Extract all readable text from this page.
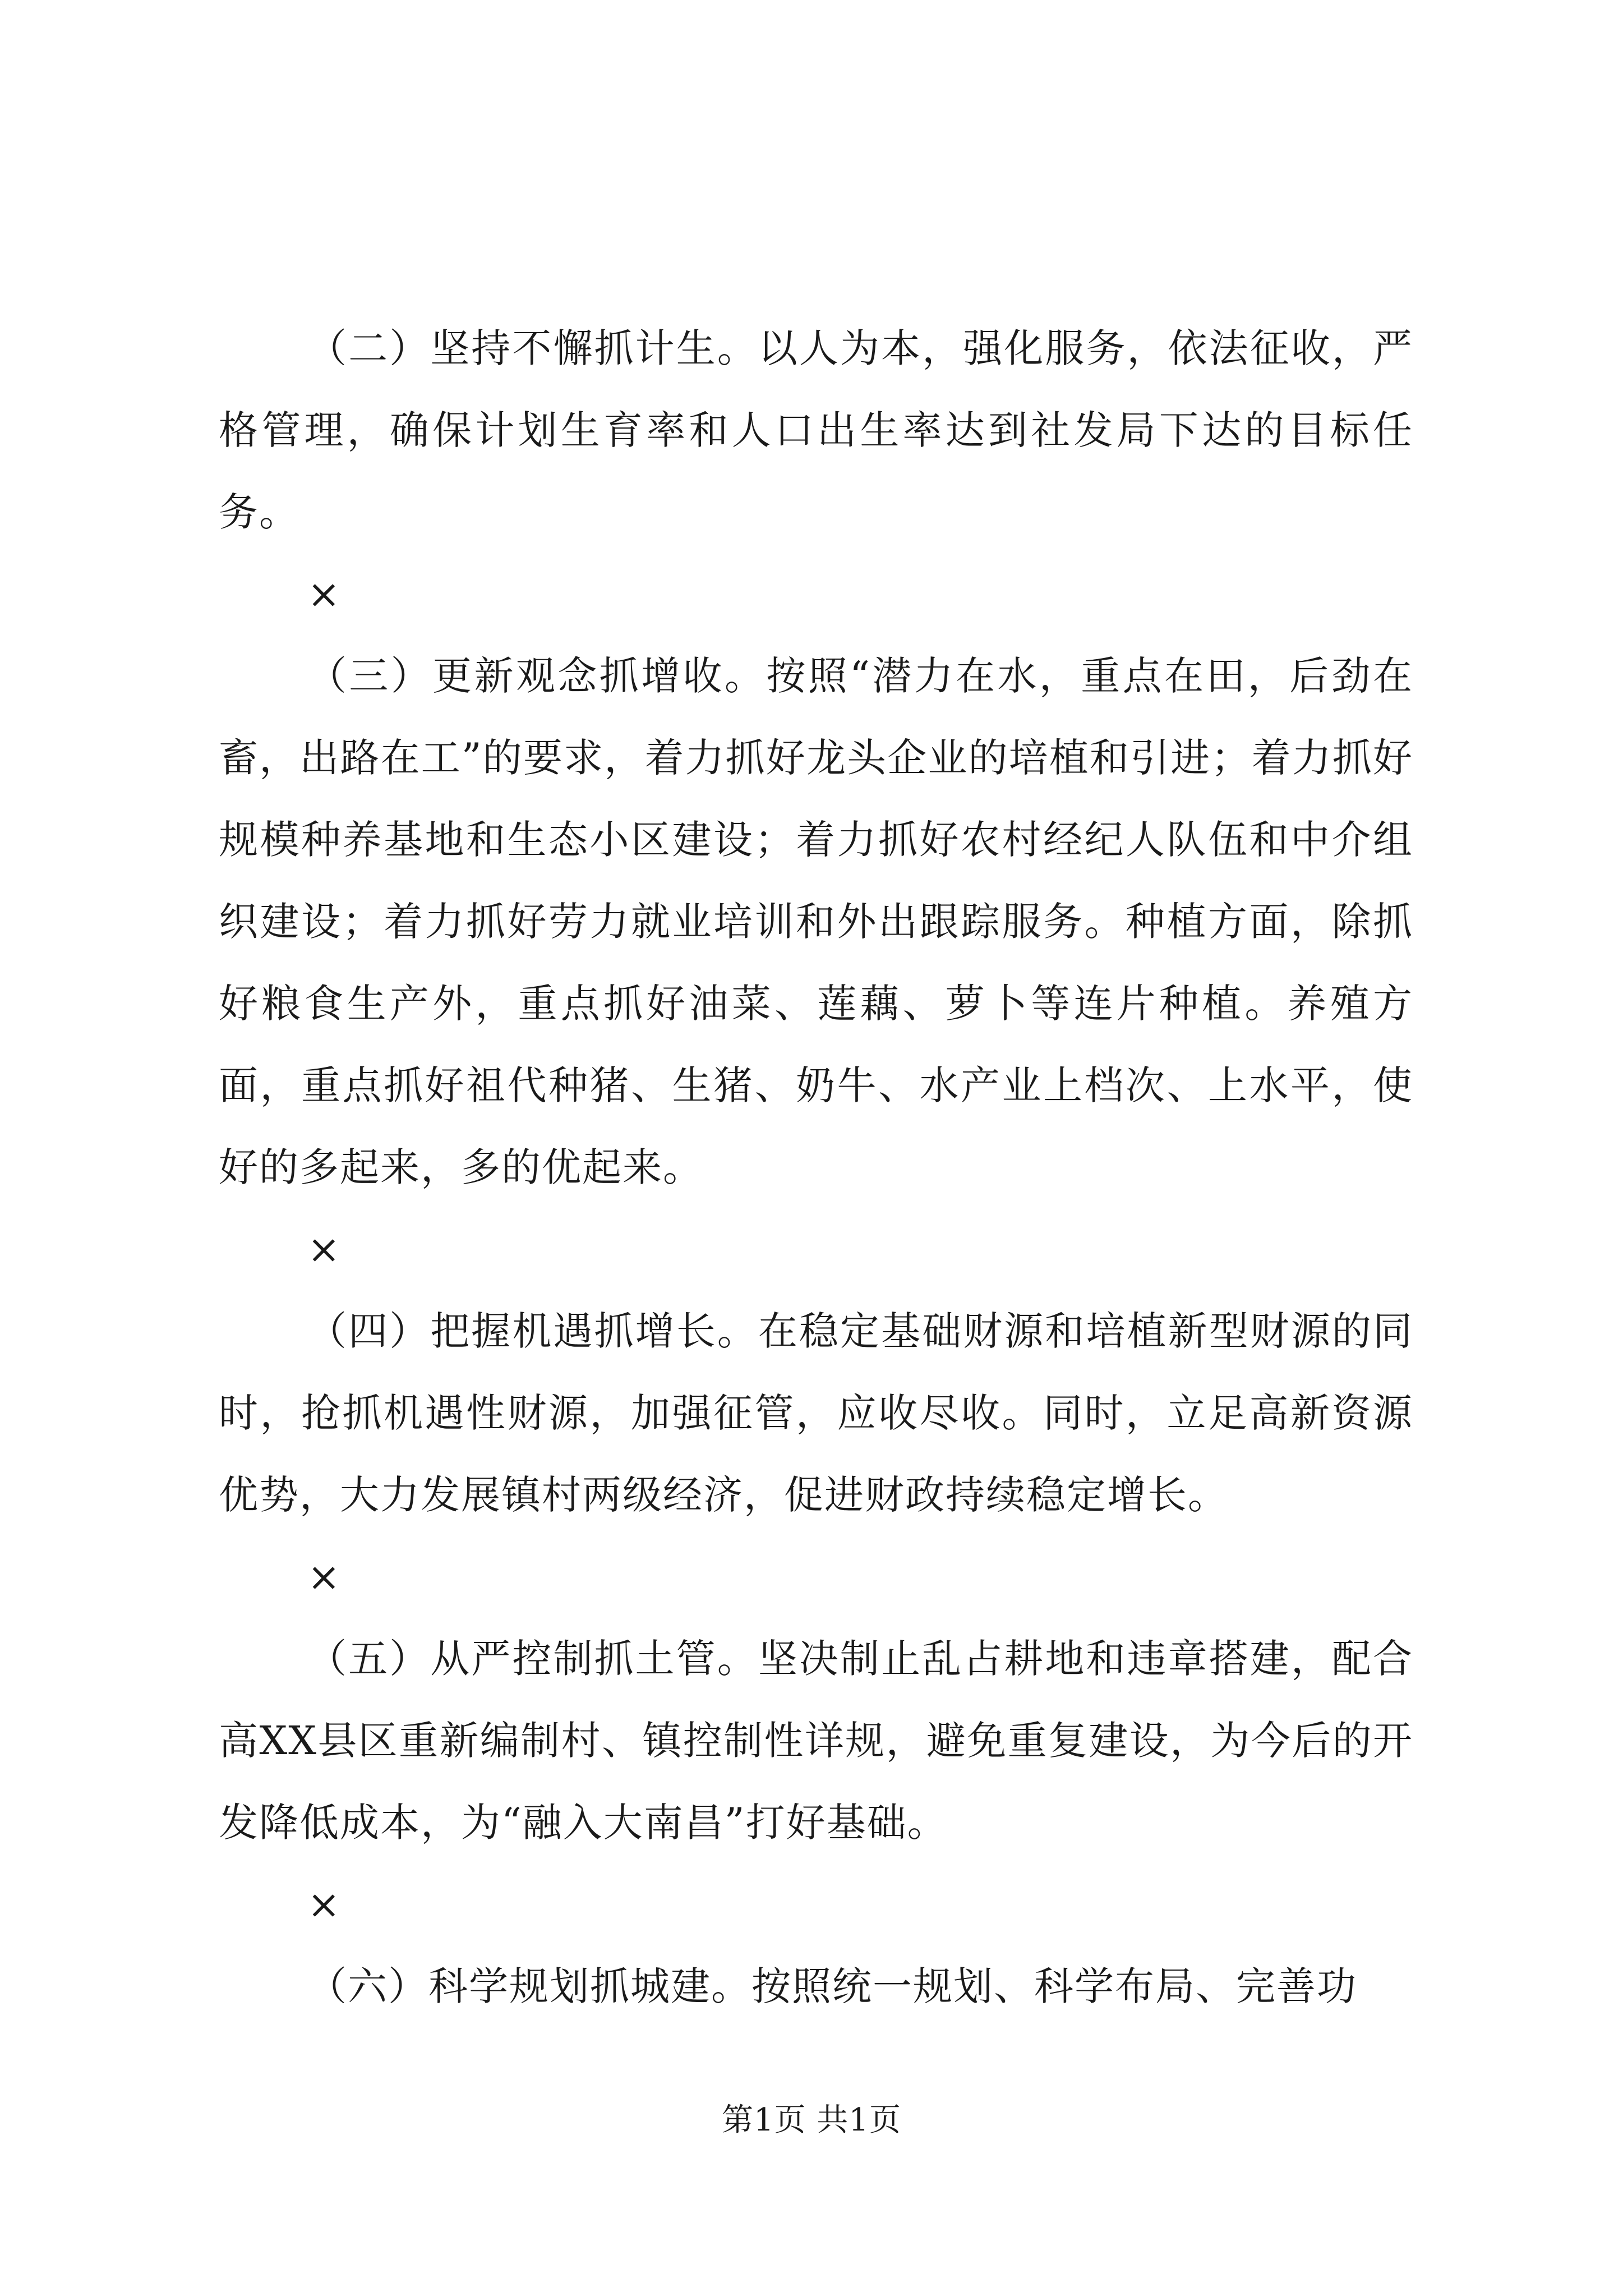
（二）坚持不懈抓计生。以人为本，强化服务，依法征收，严格管理，确保计划生育率和人口出生率达到社发局下达的目标任务。

×

（三）更新观念抓增收。按照“潜力在水，重点在田，后劲在畜，出路在工”的要求，着力抓好龙头企业的培植和引进；着力抓好规模种养基地和生态小区建设；着力抓好农村经纪人队伍和中介组织建设；着力抓好劳力就业培训和外出跟踪服务。种植方面，除抓好粮食生产外，重点抓好油菜、莲藕、萝卜等连片种植。养殖方面，重点抓好祖代种猪、生猪、奶牛、水产业上档次、上水平，使好的多起来，多的优起来。

×

（四）把握机遇抓增长。在稳定基础财源和培植新型财源的同时，抢抓机遇性财源，加强征管，应收尽收。同时，立足高新资源优势，大力发展镇村两级经济，促进财政持续稳定增长。

×

（五）从严控制抓土管。坚决制止乱占耕地和违章搭建，配合高XX县区重新编制村、镇控制性详规，避免重复建设，为今后的开发降低成本，为“融入大南昌”打好基础。

×

（六）科学规划抓城建。按照统一规划、科学布局、完善功

第1页 共1页
